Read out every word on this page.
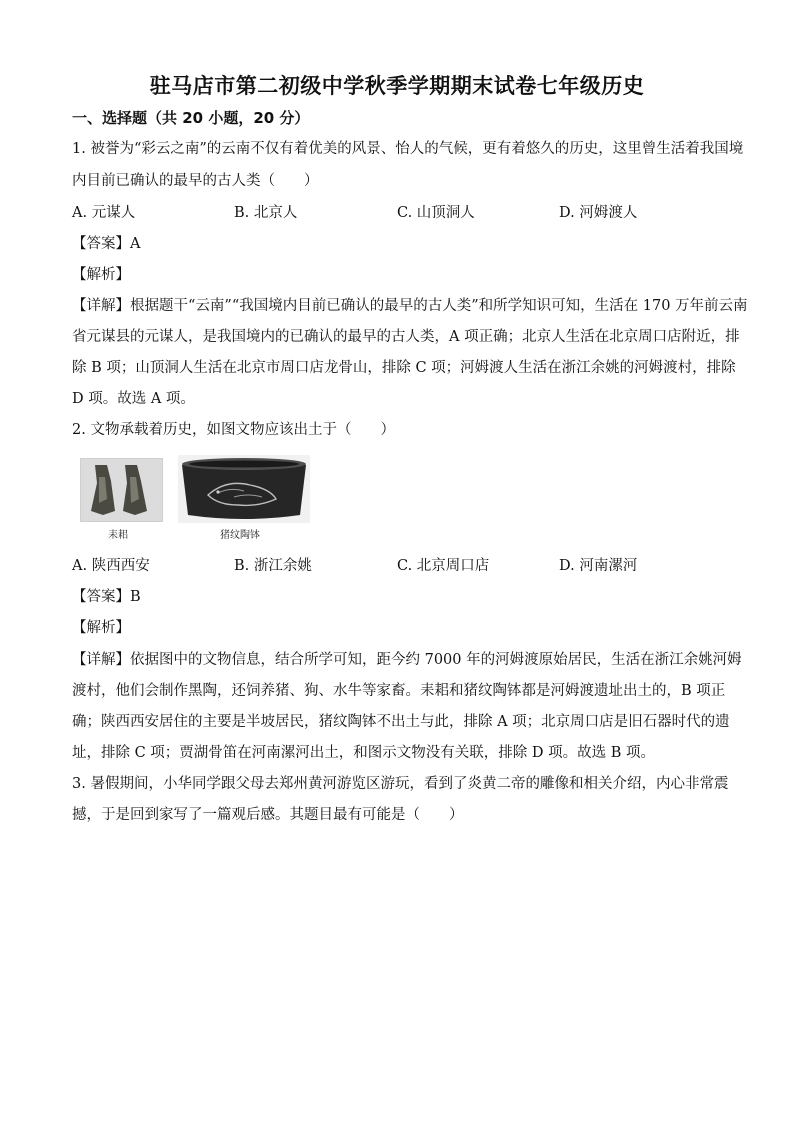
驻马店市第二初级中学秋季学期期末试卷七年级历史
一、选择题（共 20 小题，20 分）
1. 被誉为“彩云之南”的云南不仅有着优美的风景、怡人的气候，更有着悠久的历史，这里曾生活着我国境
内目前已确认的最早的古人类（　　）
A. 元谋人	B. 北京人	C. 山顶洞人	D. 河姆渡人
【答案】A
【解析】
【详解】根据题干“云南”“我国境内目前已确认的最早的古人类”和所学知识可知，生活在 170 万年前云南
省元谋县的元谋人，是我国境内的已确认的最早的古人类，A 项正确；北京人生活在北京周口店附近，排
除 B 项；山顶洞人生活在北京市周口店龙骨山，排除 C 项；河姆渡人生活在浙江余姚的河姆渡村，排除
D 项。故选 A 项。
2. 文物承载着历史，如图文物应该出土于（　　）
耒耜	猪纹陶钵
A. 陕西西安	B. 浙江余姚	C. 北京周口店	D. 河南漯河
【答案】B
【解析】
【详解】依据图中的文物信息，结合所学可知，距今约 7000 年的河姆渡原始居民，生活在浙江余姚河姆
渡村，他们会制作黑陶，还饲养猪、狗、水牛等家畜。耒耜和猪纹陶钵都是河姆渡遗址出土的，B 项正
确；陕西西安居住的主要是半坡居民，猪纹陶钵不出土与此，排除 A 项；北京周口店是旧石器时代的遗
址，排除 C 项；贾湖骨笛在河南漯河出土，和图示文物没有关联，排除 D 项。故选 B 项。
3. 暑假期间，小华同学跟父母去郑州黄河游览区游玩，看到了炎黄二帝的雕像和相关介绍，内心非常震
撼，于是回到家写了一篇观后感。其题目最有可能是（　　）
